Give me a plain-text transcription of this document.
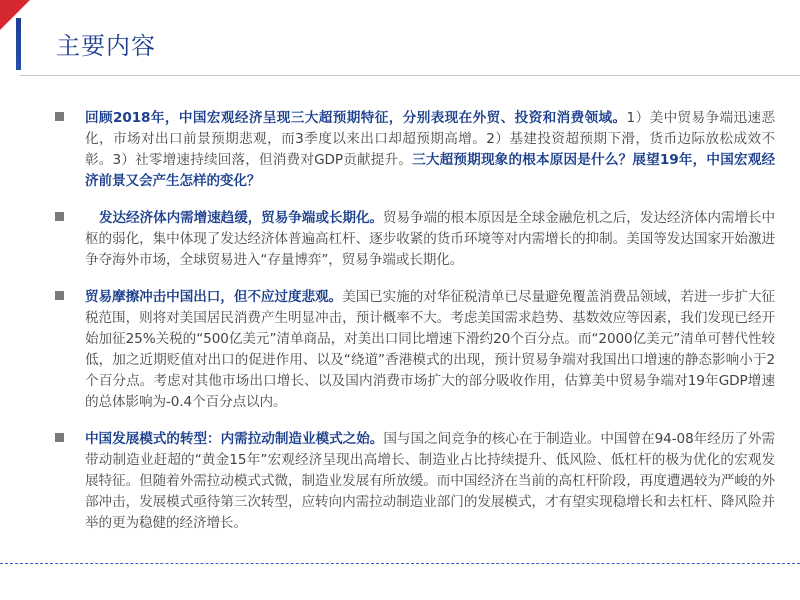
主要内容
回顾2018年，中国宏观经济呈现三大超预期特征，分别表现在外贸、投资和消费领域。1）美中贸易争端迅速恶化，市场对出口前景预期悲观，而3季度以来出口却超预期高增。2）基建投资超预期下滑，货币边际放松成效不彰。3）社零增速持续回落，但消费对GDP贡献提升。三大超预期现象的根本原因是什么？展望19年，中国宏观经济前景又会产生怎样的变化？
发达经济体内需增速趋缓，贸易争端或长期化。贸易争端的根本原因是全球金融危机之后，发达经济体内需增长中枢的弱化，集中体现了发达经济体普遍高杠杆、逐步收紧的货币环境等对内需增长的抑制。美国等发达国家开始激进争夺海外市场，全球贸易进入“存量博弈”，贸易争端或长期化。
贸易摩擦冲击中国出口，但不应过度悲观。美国已实施的对华征税清单已尽量避免覆盖消费品领域，若进一步扩大征税范围，则将对美国居民消费产生明显冲击，预计概率不大。考虑美国需求趋势、基数效应等因素，我们发现已经开始加征25%关税的“500亿美元”清单商品，对美出口同比增速下滑约20个百分点。而“2000亿美元”清单可替代性较低，加之近期贬值对出口的促进作用、以及“绕道”香港模式的出现，预计贸易争端对我国出口增速的静态影响小于2个百分点。考虑对其他市场出口增长、以及国内消费市场扩大的部分吸收作用，估算美中贸易争端对19年GDP增速的总体影响为-0.4个百分点以内。
中国发展模式的转型：内需拉动制造业模式之始。国与国之间竞争的核心在于制造业。中国曾在94-08年经历了外需带动制造业赶超的“黄金15年”宏观经济呈现出高增长、制造业占比持续提升、低风险、低杠杆的极为优化的宏观发展特征。但随着外需拉动模式式微，制造业发展有所放缓。而中国经济在当前的高杠杆阶段，再度遭遇较为严峻的外部冲击，发展模式亟待第三次转型，应转向内需拉动制造业部门的发展模式，才有望实现稳增长和去杠杆、降风险并举的更为稳健的经济增长。
